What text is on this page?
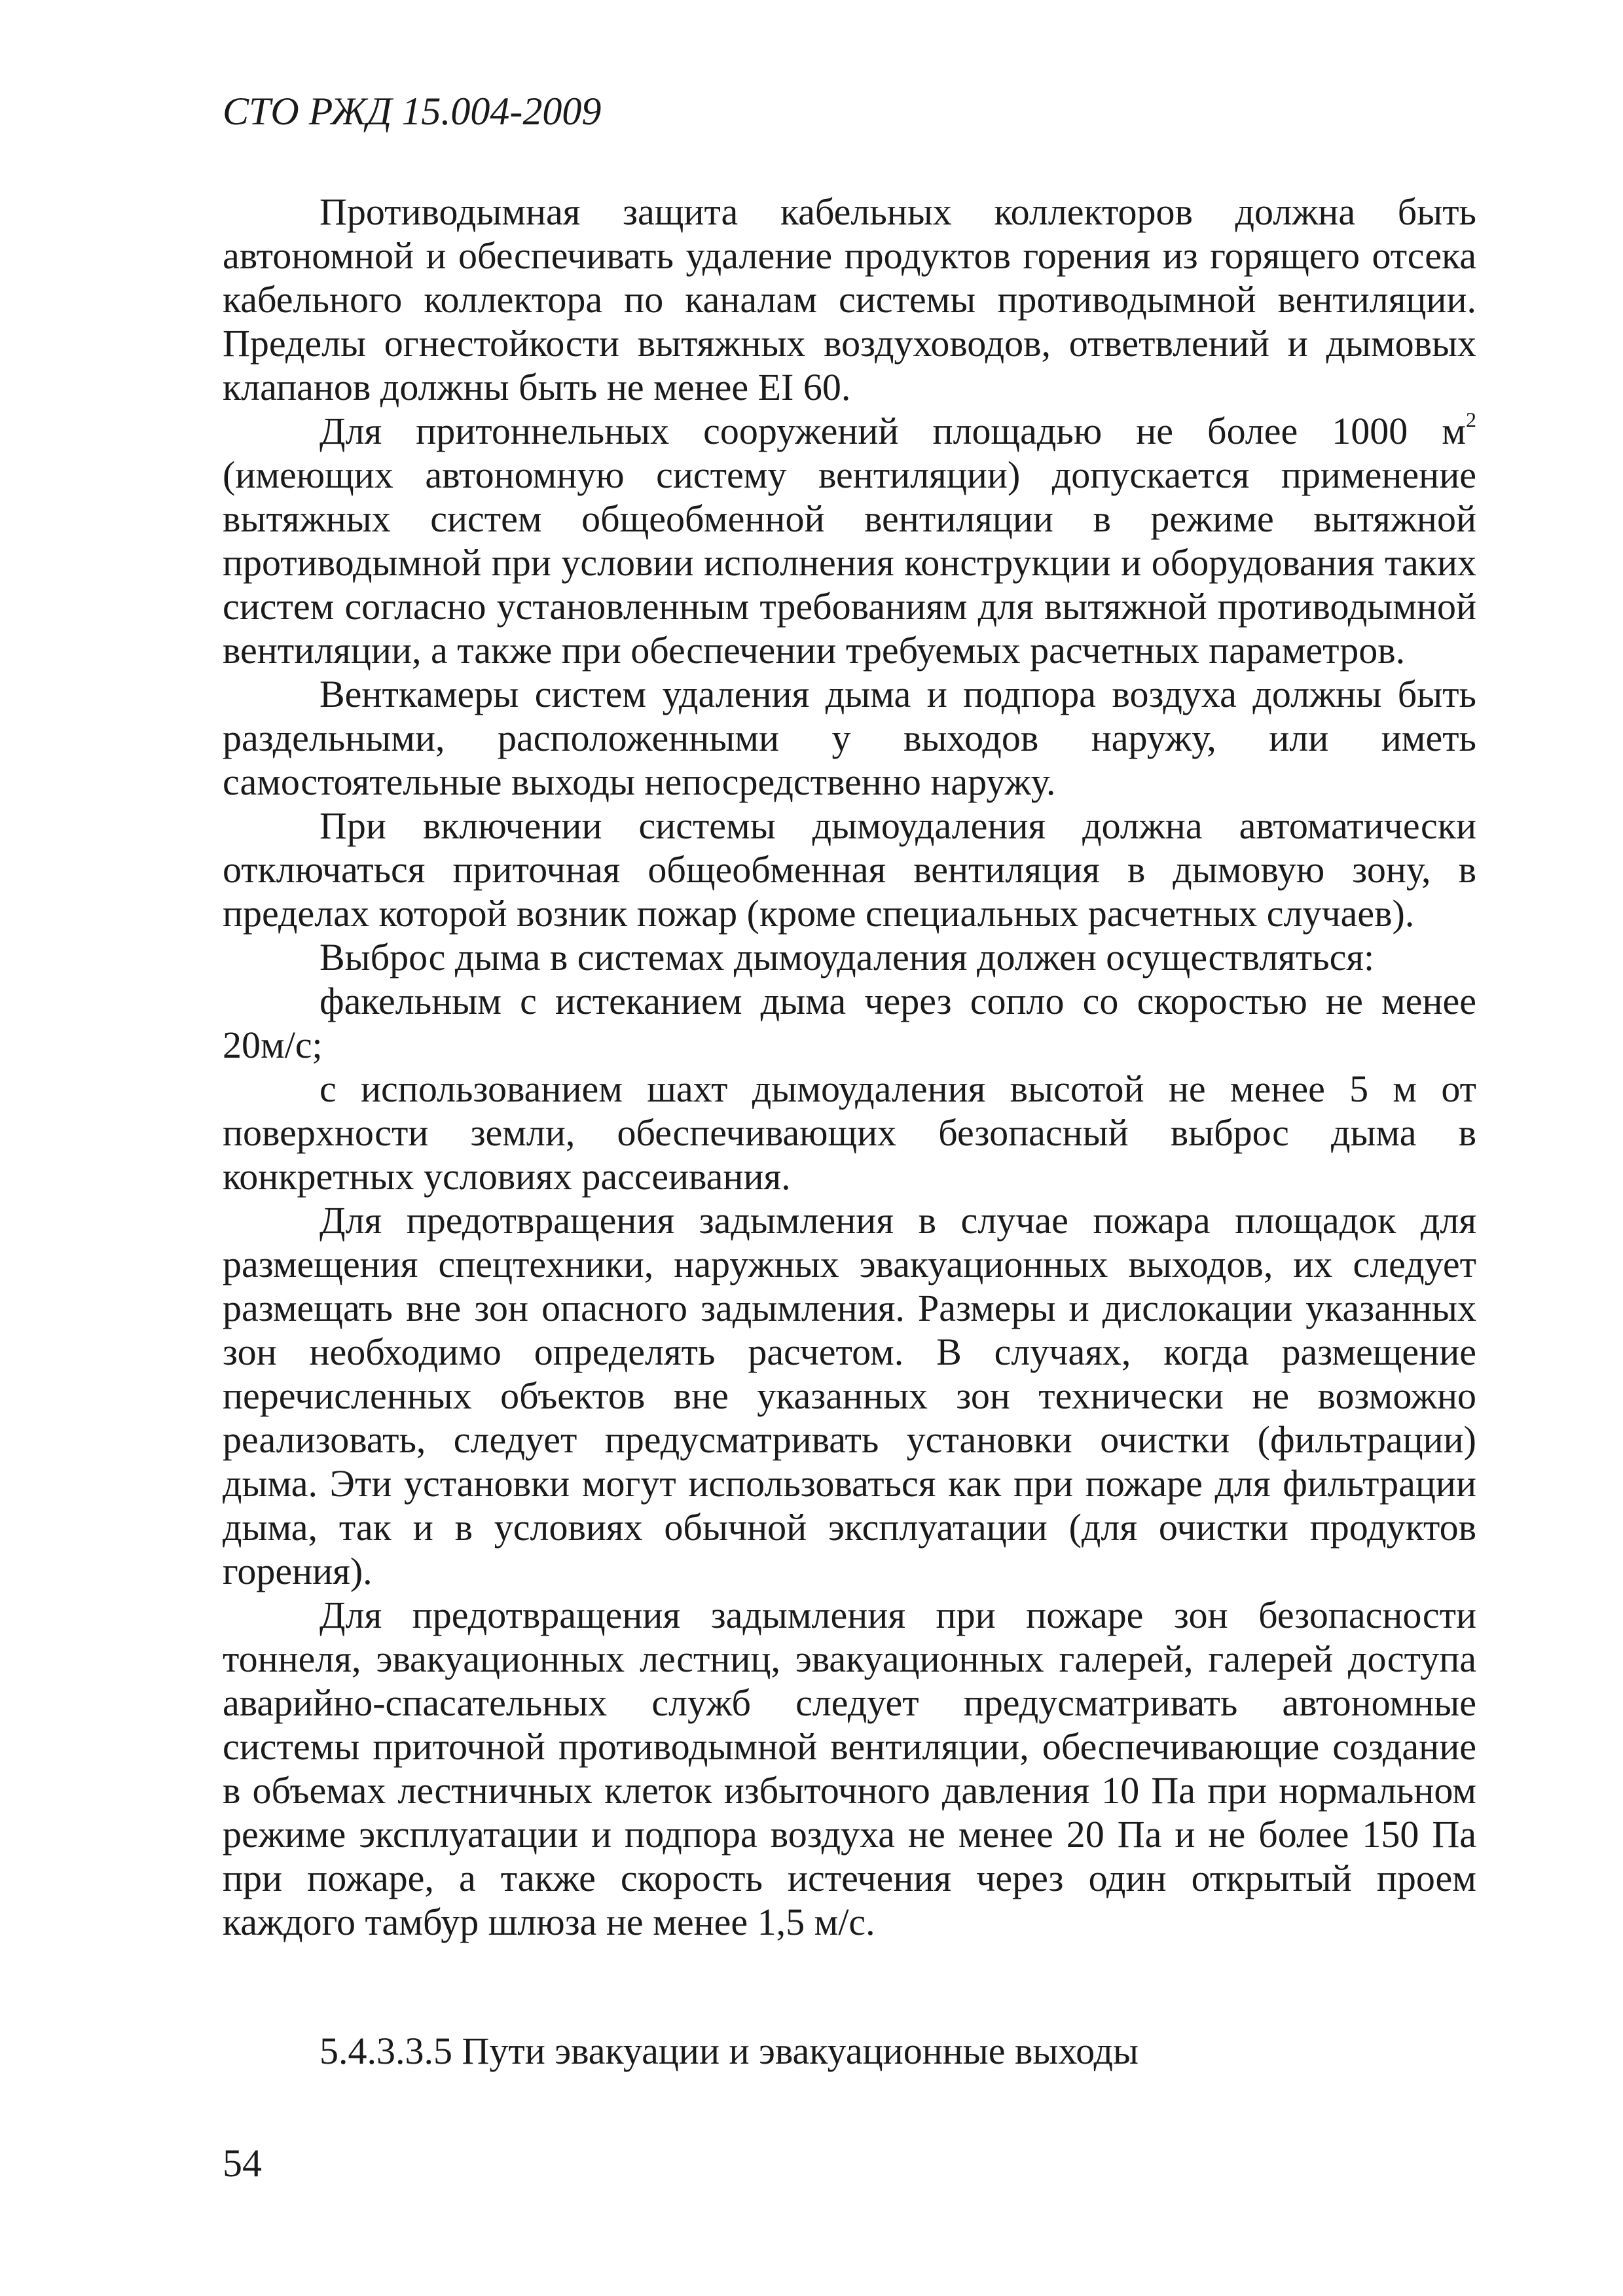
СТО РЖД 15.004-2009

Противодымная защита кабельных коллекторов должна быть автономной и обеспечивать удаление продуктов горения из горящего отсека кабельного коллектора по каналам системы противодымной вентиляции. Пределы огнестойкости вытяжных воздуховодов, ответвлений и дымовых клапанов должны быть не менее EI 60.

Для притоннельных сооружений площадью не более 1000 $м^2$ (имеющих автономную систему вентиляции) допускается применение вытяжных систем общеобменной вентиляции в режиме вытяжной противодымной при условии исполнения конструкции и оборудования таких систем согласно установленным требованиям для вытяжной противодымной вентиляции, а также при обеспечении требуемых расчетных параметров.

Венткамеры систем удаления дыма и подпора воздуха должны быть раздельными, расположенными у выходов наружу, или иметь самостоятельные выходы непосредственно наружу.

При включении системы дымоудаления должна автоматически отключаться приточная общеобменная вентиляция в дымовую зону, в пределах которой возник пожар (кроме специальных расчетных случаев).

Выброс дыма в системах дымоудаления должен осуществляться:

факельным с истеканием дыма через сопло со скоростью не менее 20м/с;

с использованием шахт дымоудаления высотой не менее 5 м от поверхности земли, обеспечивающих безопасный выброс дыма в конкретных условиях рассеивания.

Для предотвращения задымления в случае пожара площадок для размещения спецтехники, наружных эвакуационных выходов, их следует размещать вне зон опасного задымления. Размеры и дислокации указанных зон необходимо определять расчетом. В случаях, когда размещение перечисленных объектов вне указанных зон технически не возможно реализовать, следует предусматривать установки очистки (фильтрации) дыма. Эти установки могут использоваться как при пожаре для фильтрации дыма, так и в условиях обычной эксплуатации (для очистки продуктов горения).

Для предотвращения задымления при пожаре зон безопасности тоннеля, эвакуационных лестниц, эвакуационных галерей, галерей доступа аварийно-спасательных служб следует предусматривать автономные системы приточной противодымной вентиляции, обеспечивающие создание в объемах лестничных клеток избыточного давления 10 Па при нормальном режиме эксплуатации и подпора воздуха не менее 20 Па и не более 150 Па при пожаре, а также скорость истечения через один открытый проем каждого тамбур шлюза не менее 1,5 м/с.

5.4.3.3.5 Пути эвакуации и эвакуационные выходы
54
